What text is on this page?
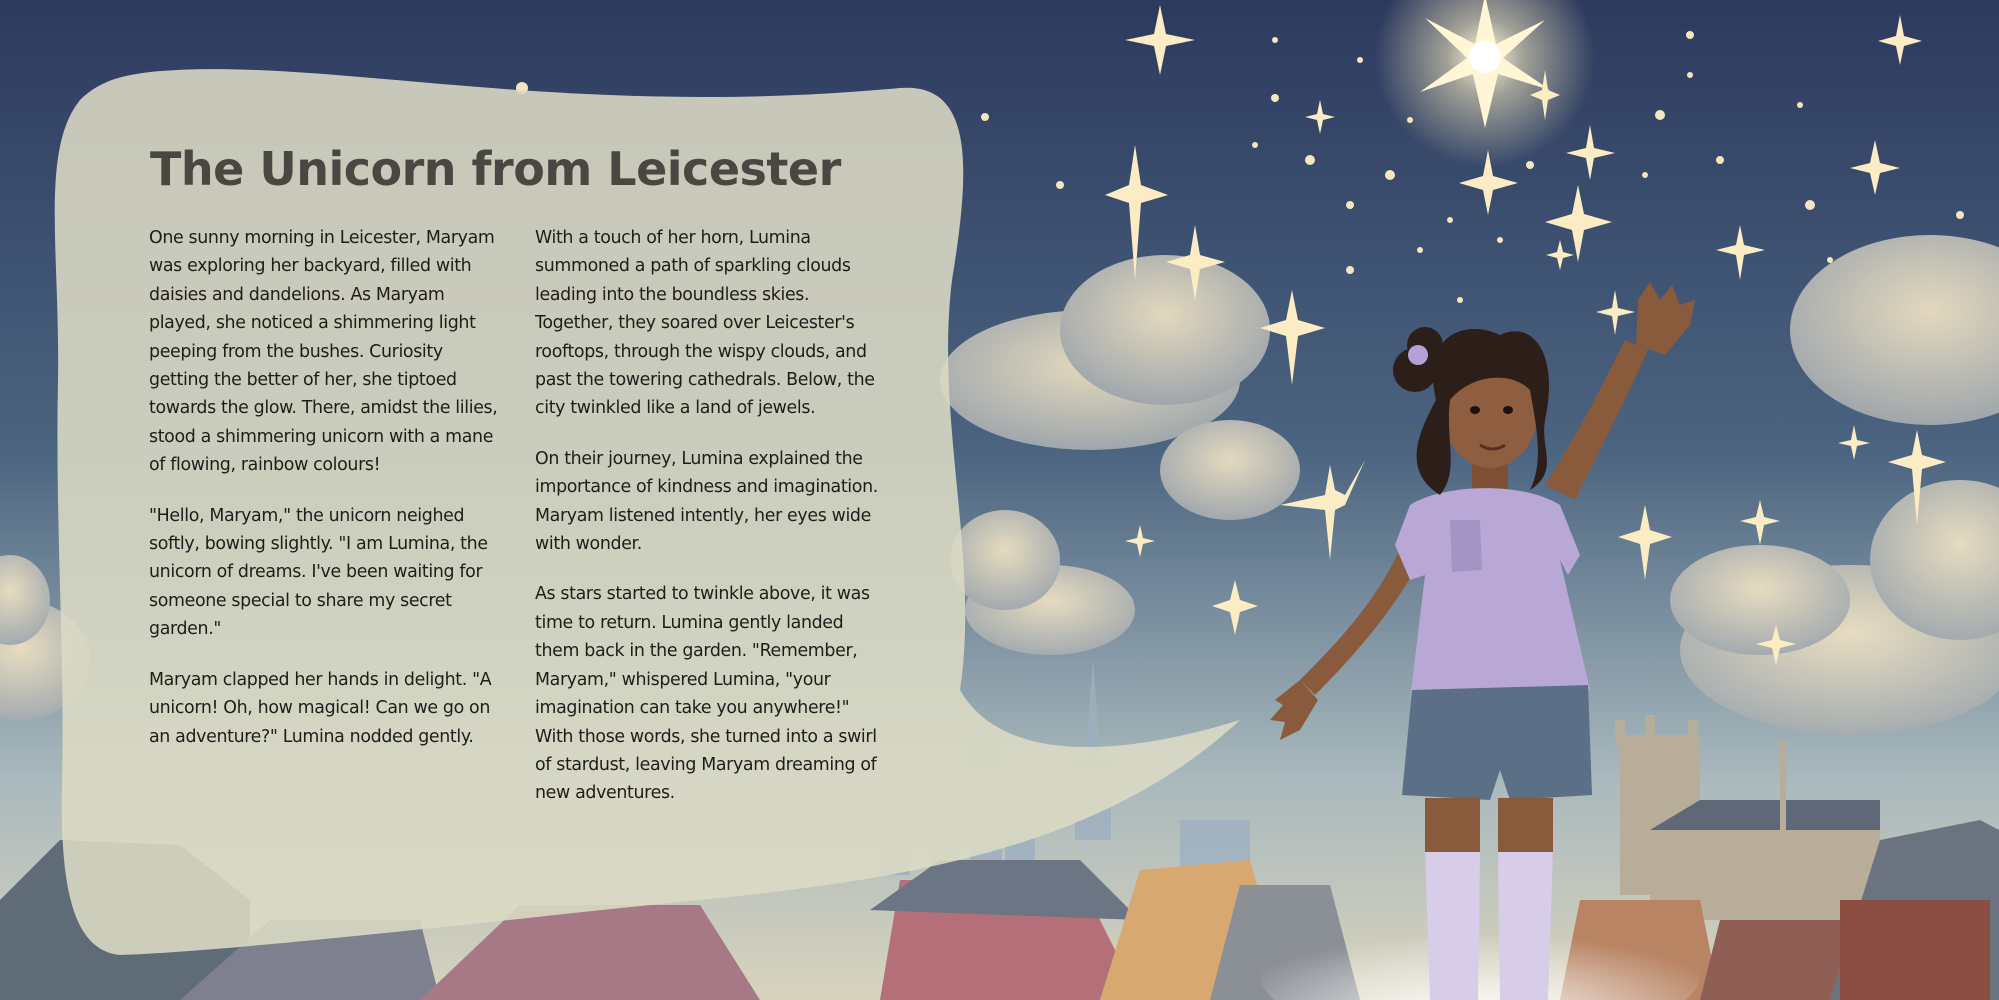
The Unicorn from Leicester

One sunny morning in Leicester, Maryam was exploring her backyard, filled with daisies and dandelions. As Maryam played, she noticed a shimmering light peeping from the bushes. Curiosity getting the better of her, she tiptoed towards the glow. There, amidst the lilies, stood a shimmering unicorn with a mane of flowing, rainbow colours!

"Hello, Maryam," the unicorn neighed softly, bowing slightly. "I am Lumina, the unicorn of dreams. I've been waiting for someone special to share my secret garden."

Maryam clapped her hands in delight. "A unicorn! Oh, how magical! Can we go on an adventure?" Lumina nodded gently.

With a touch of her horn, Lumina summoned a path of sparkling clouds leading into the boundless skies. Together, they soared over Leicester's rooftops, through the wispy clouds, and past the towering cathedrals. Below, the city twinkled like a land of jewels.

On their journey, Lumina explained the importance of kindness and imagination. Maryam listened intently, her eyes wide with wonder.

As stars started to twinkle above, it was time to return. Lumina gently landed them back in the garden. "Remember, Maryam," whispered Lumina, "your imagination can take you anywhere!" With those words, she turned into a swirl of stardust, leaving Maryam dreaming of new adventures.
